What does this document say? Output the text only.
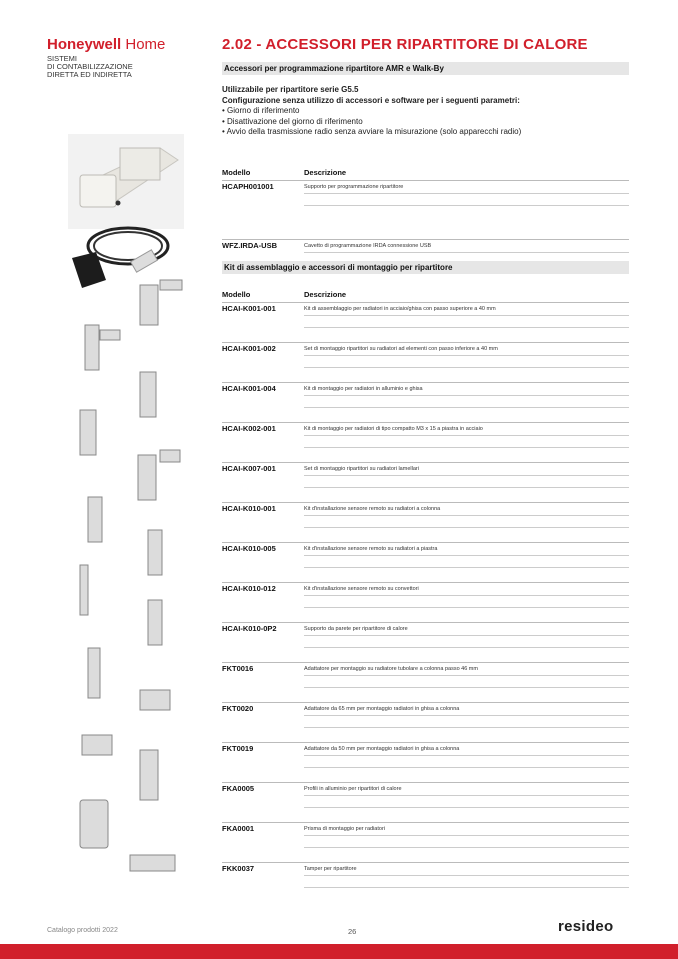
Honeywell Home
SISTEMI
DI CONTABILIZZAZIONE
DIRETTA ED INDIRETTA
2.02 - ACCESSORI PER RIPARTITORE DI CALORE
Accessori per programmazione ripartitore AMR e Walk-By
Utilizzabile per ripartitore serie G5.5
Configurazione senza utilizzo di accessori e software per i seguenti parametri:
• Giorno di riferimento
• Disattivazione del giorno di riferimento
• Avvio della trasmissione radio senza avviare la misurazione (solo apparecchi radio)
Modello	Descrizione
HCAPH001001	Supporto per programmazione ripartitore
WFZ.IRDA-USB	Cavetto di programmazione IRDA connessione USB
Kit di assemblaggio e accessori di montaggio per ripartitore
Modello	Descrizione
HCAI-K001-001	Kit di assemblaggio per radiatori in acciaio/ghisa con passo superiore a 40 mm
HCAI-K001-002	Set di montaggio ripartitori su radiatori ad elementi con passo inferiore a 40 mm
HCAI-K001-004	Kit di montaggio per radiatori in alluminio e ghisa
HCAI-K002-001	Kit di montaggio per radiatori di tipo compatto M3 x 15 a piastra in acciaio
HCAI-K007-001	Set di montaggio ripartitori su radiatori lamellari
HCAI-K010-001	Kit d'installazione sensore remoto su radiatori a colonna
HCAI-K010-005	Kit d'installazione sensore remoto su radiatori a piastra
HCAI-K010-012	Kit d'installazione sensore remoto su convettori
HCAI-K010-0P2	Supporto da parete per ripartitore di calore
FKT0016	Adattatore per montaggio su radiatore tubolare a colonna passo 46 mm
FKT0020	Adattatore da 65 mm per montaggio radiatori in ghisa a colonna
FKT0019	Adattatore da 50 mm per montaggio radiatori in ghisa a colonna
FKA0005	Profili in alluminio per ripartitori di calore
FKA0001	Prisma di montaggio per radiatori
FKK0037	Tamper per ripartitore
Catalogo prodotti 2022	26	resideo
